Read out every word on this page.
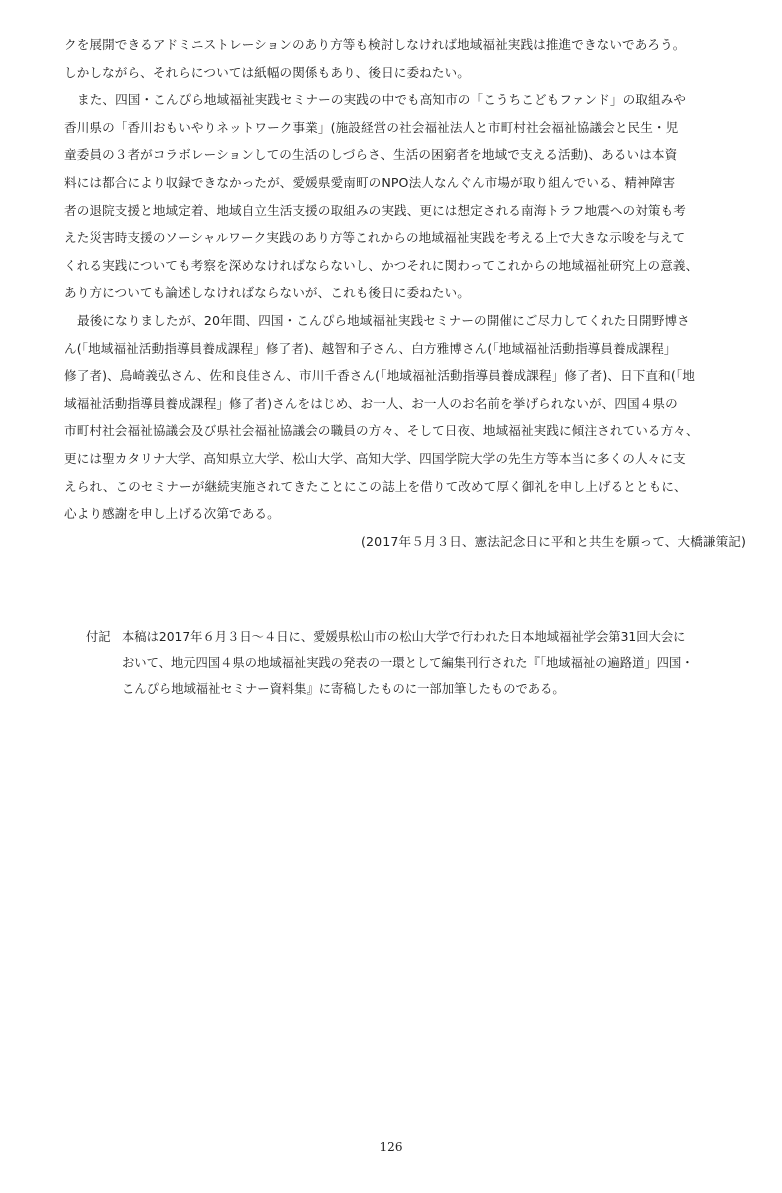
クを展開できるアドミニストレーションのあり方等も検討しなければ地域福祉実践は推進できないであろう。
しかしながら、それらについては紙幅の関係もあり、後日に委ねたい。
また、四国・こんぴら地域福祉実践セミナーの実践の中でも高知市の「こうちこどもファンド」の取組みや
香川県の「香川おもいやりネットワーク事業」(施設経営の社会福祉法人と市町村社会福祉協議会と民生・児
童委員の３者がコラボレーションしての生活のしづらさ、生活の困窮者を地域で支える活動)、あるいは本資
料には都合により収録できなかったが、愛媛県愛南町のNPO法人なんぐん市場が取り組んでいる、精神障害
者の退院支援と地域定着、地域自立生活支援の取組みの実践、更には想定される南海トラフ地震への対策も考
えた災害時支援のソーシャルワーク実践のあり方等これからの地域福祉実践を考える上で大きな示唆を与えて
くれる実践についても考察を深めなければならないし、かつそれに関わってこれからの地域福祉研究上の意義、
あり方についても論述しなければならないが、これも後日に委ねたい。
最後になりましたが、20年間、四国・こんぴら地域福祉実践セミナーの開催にご尽力してくれた日開野博さ
ん(「地域福祉活動指導員養成課程」修了者)、越智和子さん、白方雅博さん(「地域福祉活動指導員養成課程」
修了者)、鳥崎義弘さん、佐和良佳さん、市川千香さん(「地域福祉活動指導員養成課程」修了者)、日下直和(「地
域福祉活動指導員養成課程」修了者)さんをはじめ、お一人、お一人のお名前を挙げられないが、四国４県の
市町村社会福祉協議会及び県社会福祉協議会の職員の方々、そして日夜、地域福祉実践に傾注されている方々、
更には聖カタリナ大学、高知県立大学、松山大学、高知大学、四国学院大学の先生方等本当に多くの人々に支
えられ、このセミナーが継続実施されてきたことにこの誌上を借りて改めて厚く御礼を申し上げるとともに、
心より感謝を申し上げる次第である。
(2017年５月３日、憲法記念日に平和と共生を願って、大橋謙策記)
付記 本稿は2017年６月３日～４日に、愛媛県松山市の松山大学で行われた日本地域福祉学会第31回大会に
おいて、地元四国４県の地域福祉実践の発表の一環として編集刊行された『「地域福祉の遍路道」四国・
こんぴら地域福祉セミナー資料集』に寄稿したものに一部加筆したものである。
126
